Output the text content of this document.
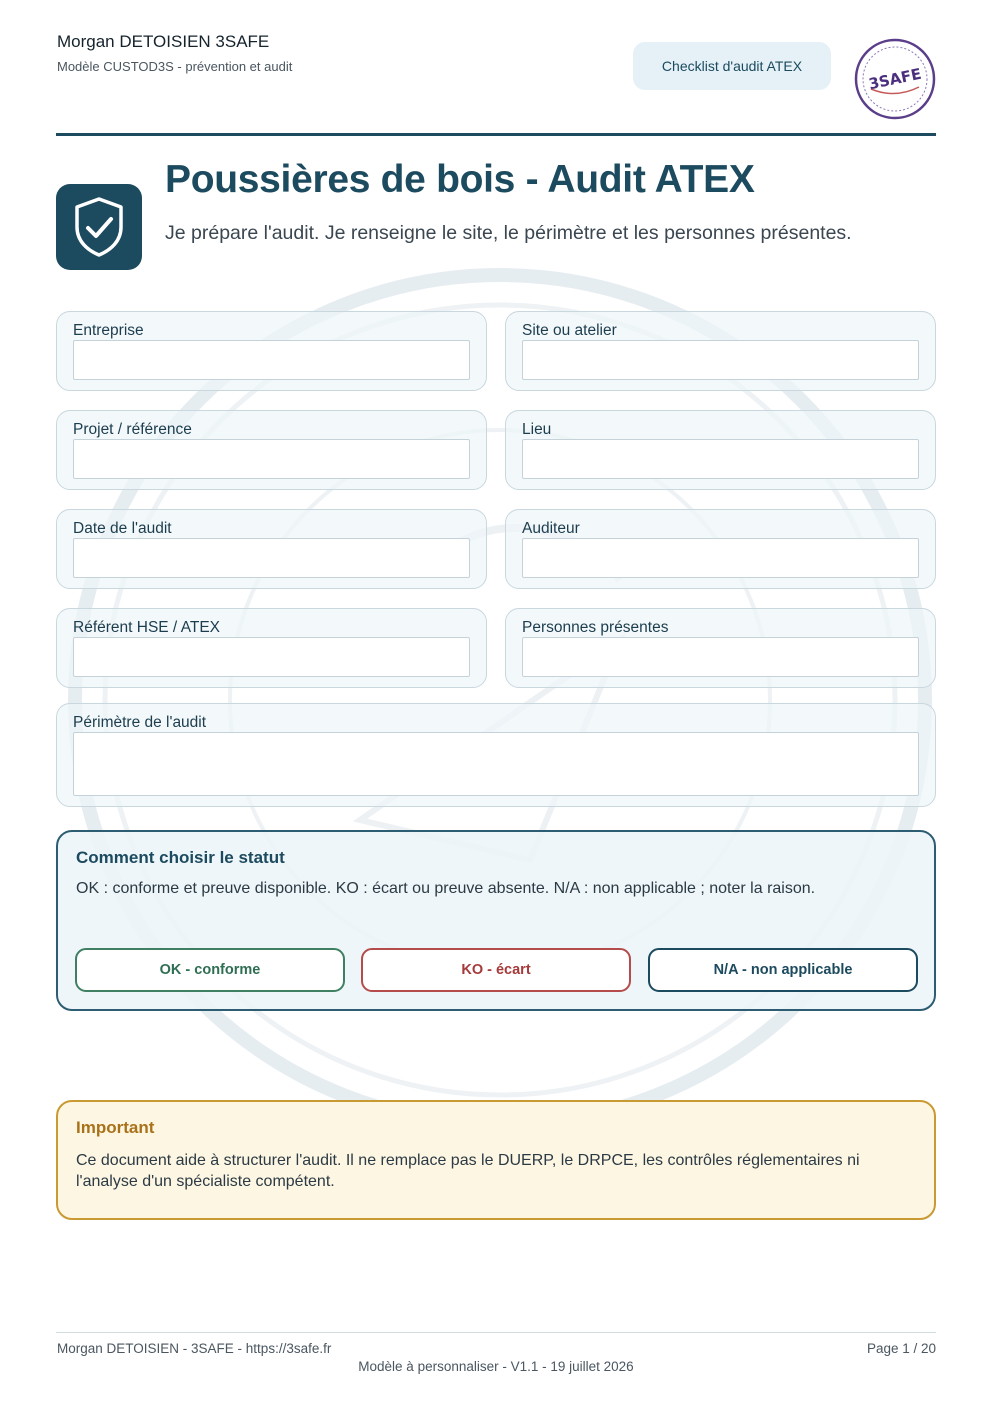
Morgan DETOISIEN 3SAFE
Modèle CUSTOD3S - prévention et audit	Checklist d'audit ATEX	3SAFE
Poussières de bois - Audit ATEX
Je prépare l'audit. Je renseigne le site, le périmètre et les personnes présentes.
Entreprise	Site ou atelier
Projet / référence	Lieu
Date de l'audit	Auditeur
Référent HSE / ATEX	Personnes présentes
Périmètre de l'audit
Comment choisir le statut
OK : conforme et preuve disponible. KO : écart ou preuve absente. N/A : non applicable ; noter la raison.
OK - conforme	KO - écart	N/A - non applicable
Important
Ce document aide à structurer l'audit. Il ne remplace pas le DUERP, le DRPCE, les contrôles réglementaires ni l'analyse d'un spécialiste compétent.
Morgan DETOISIEN - 3SAFE - https://3safe.fr	Page 1 / 20
Modèle à personnaliser - V1.1 - 19 juillet 2026
